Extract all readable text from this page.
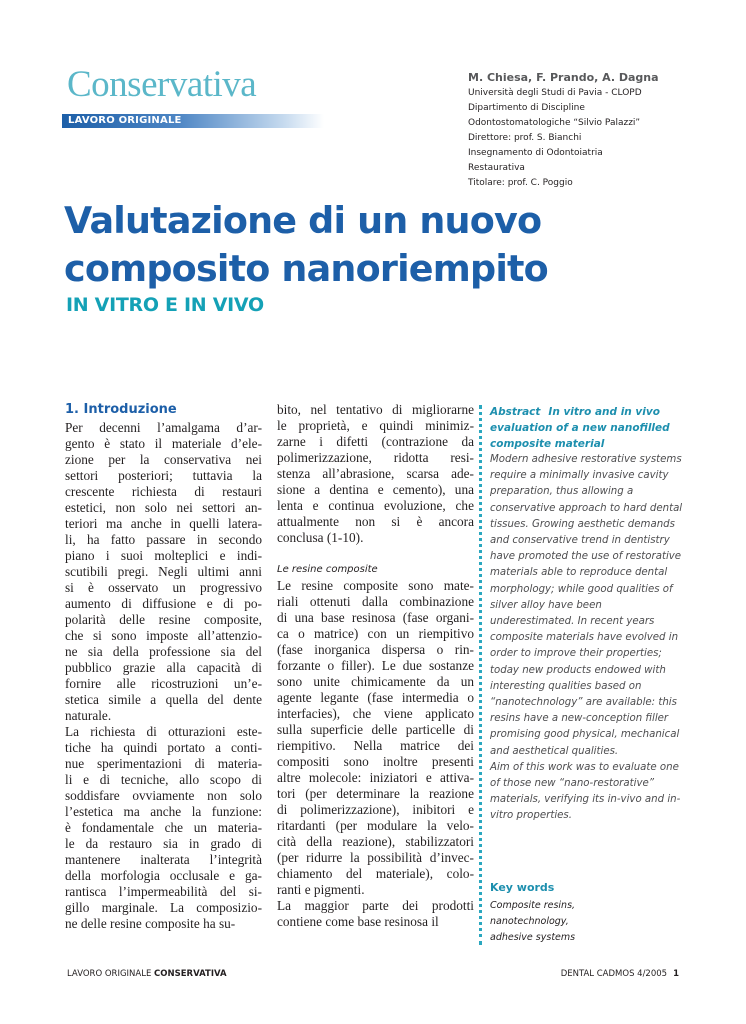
Conservativa
LAVORO ORIGINALE
M. Chiesa, F. Prando, A. Dagna
Università degli Studi di Pavia - CLOPD
Dipartimento di Discipline
Odontostomatologiche “Silvio Palazzi”
Direttore: prof. S. Bianchi
Insegnamento di Odontoiatria
Restaurativa
Titolare: prof. C. Poggio
Valutazione di un nuovo
composito nanoriempito
IN VITRO E IN VIVO
1. Introduzione
Per decenni l’amalgama d’ar-
gento è stato il materiale d’ele-
zione per la conservativa nei
settori posteriori; tuttavia la
crescente richiesta di restauri
estetici, non solo nei settori an-
teriori ma anche in quelli latera-
li, ha fatto passare in secondo
piano i suoi molteplici e indi-
scutibili pregi. Negli ultimi anni
si è osservato un progressivo
aumento di diffusione e di po-
polarità delle resine composite,
che si sono imposte all’attenzio-
ne sia della professione sia del
pubblico grazie alla capacità di
fornire alle ricostruzioni un’e-
stetica simile a quella del dente
naturale.
La richiesta di otturazioni este-
tiche ha quindi portato a conti-
nue sperimentazioni di materia-
li e di tecniche, allo scopo di
soddisfare ovviamente non solo
l’estetica ma anche la funzione:
è fondamentale che un materia-
le da restauro sia in grado di
mantenere inalterata l’integrità
della morfologia occlusale e ga-
rantisca l’impermeabilità del si-
gillo marginale. La composizio-
ne delle resine composite ha su-
bito, nel tentativo di migliorarne
le proprietà, e quindi minimiz-
zarne i difetti (contrazione da
polimerizzazione, ridotta resi-
stenza all’abrasione, scarsa ade-
sione a dentina e cemento), una
lenta e continua evoluzione, che
attualmente non si è ancora
conclusa (1-10).
Le resine composite
Le resine composite sono mate-
riali ottenuti dalla combinazione
di una base resinosa (fase organi-
ca o matrice) con un riempitivo
(fase inorganica dispersa o rin-
forzante o filler). Le due sostanze
sono unite chimicamente da un
agente legante (fase intermedia o
interfacies), che viene applicato
sulla superficie delle particelle di
riempitivo. Nella matrice dei
compositi sono inoltre presenti
altre molecole: iniziatori e attiva-
tori (per determinare la reazione
di polimerizzazione), inibitori e
ritardanti (per modulare la velo-
cità della reazione), stabilizzatori
(per ridurre la possibilità d’invec-
chiamento del materiale), colo-
ranti e pigmenti.
La maggior parte dei prodotti
contiene come base resinosa il
Abstract In vitro and in vivo
evaluation of a new nanofilled
composite material
Modern adhesive restorative systems
require a minimally invasive cavity
preparation, thus allowing a
conservative approach to hard dental
tissues. Growing aesthetic demands
and conservative trend in dentistry
have promoted the use of restorative
materials able to reproduce dental
morphology; while good qualities of
silver alloy have been
underestimated. In recent years
composite materials have evolved in
order to improve their properties;
today new products endowed with
interesting qualities based on
“nanotechnology” are available: this
resins have a new-conception filler
promising good physical, mechanical
and aesthetical qualities.
Aim of this work was to evaluate one
of those new “nano-restorative”
materials, verifying its in-vivo and in-
vitro properties.
Key words
Composite resins,
nanotechnology,
adhesive systems
LAVORO ORIGINALE CONSERVATIVA	DENTAL CADMOS 4/2005 1
